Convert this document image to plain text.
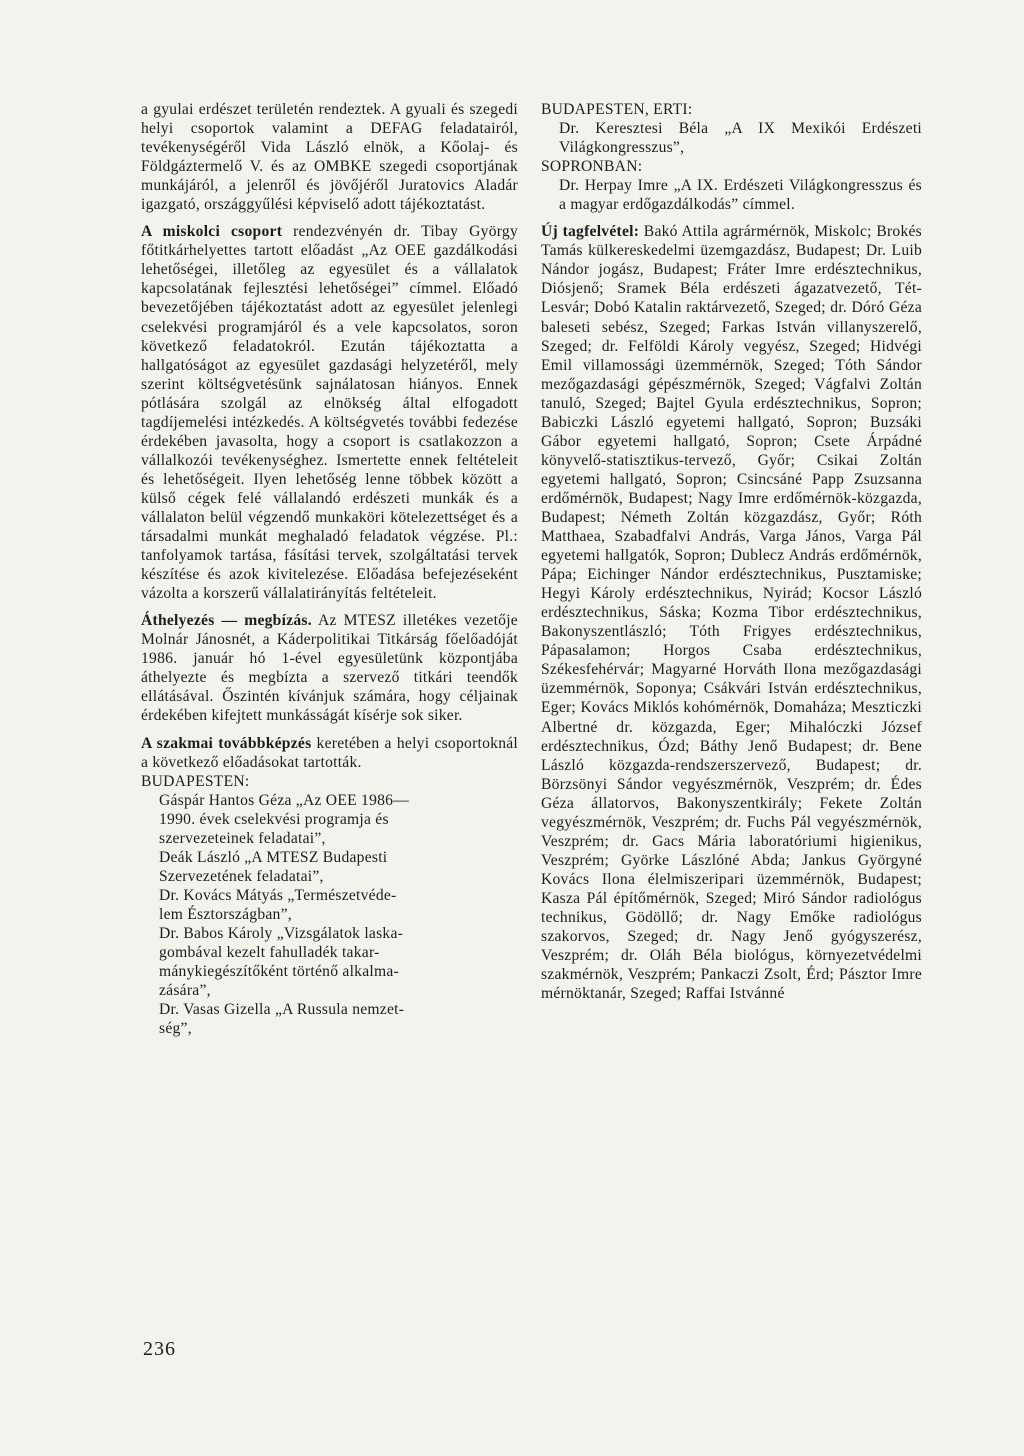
a gyulai erdészet területén rendeztek. A gyuali és szegedi helyi csoportok valamint a DEFAG feladatairól, tevékenységéről Vida László elnök, a Kőolaj- és Földgáztermelő V. és az OMBKE szegedi csoportjának munkájáról, a jelenről és jövőjéről Juratovics Aladár igazgató, országgyűlési képviselő adott tájékoztatást.

A miskolci csoport rendezvényén dr. Tibay György főtitkárhelyettes tartott előadást „Az OEE gazdálkodási lehetőségei, illetőleg az egyesület és a vállalatok kapcsolatának fejlesztési lehetőségei” címmel. Előadó bevezetőjében tájékoztatást adott az egyesület jelenlegi cselekvési programjáról és a vele kapcsolatos, soron következő feladatokról. Ezután tájékoztatta a hallgatóságot az egyesület gazdasági helyzetéről, mely szerint költségvetésünk sajnálatosan hiányos. Ennek pótlására szolgál az elnökség által elfogadott tagdíjemelési intézkedés. A költségvetés további fedezése érdekében javasolta, hogy a csoport is csatlakozzon a vállalkozói tevékenységhez. Ismertette ennek feltételeit és lehetőségeit. Ilyen lehetőség lenne többek között a külső cégek felé vállalandó erdészeti munkák és a vállalaton belül végzendő munkaköri kötelezettséget és a társadalmi munkát meghaladó feladatok végzése. Pl.: tanfolyamok tartása, fásítási tervek, szolgáltatási tervek készítése és azok kivitelezése. Előadása befejezéseként vázolta a korszerű vállalatirányítás feltételeit.

Áthelyezés — megbízás. Az MTESZ illetékes vezetője Molnár Jánosnét, a Káderpolitikai Titkárság főelőadóját 1986. január hó 1-ével egyesületünk központjába áthelyezte és megbízta a szervező titkári teendők ellátásával. Őszintén kívánjuk számára, hogy céljainak érdekében kifejtett munkásságát kísérje sok siker.

A szakmai továbbképzés keretében a helyi csoportoknál a következő előadásokat tartották.

BUDAPESTEN:

Gáspár Hantos Géza „Az OEE 1986—

1990. évek cselekvési programja és

szervezeteinek feladatai”,

Deák László „A MTESZ Budapesti

Szervezetének feladatai”,

Dr. Kovács Mátyás „Természetvéde-

lem Észtországban”,

Dr. Babos Károly „Vizsgálatok laska-

gombával kezelt fahulladék takar-

mánykiegészítőként történő alkalma-

zására”,

Dr. Vasas Gizella „A Russula nemzet-

ség”,

BUDAPESTEN, ERTI:

Dr. Keresztesi Béla „A IX Mexikói Erdészeti Világkongresszus”,

SOPRONBAN:

Dr. Herpay Imre „A IX. Erdészeti Világkongresszus és a magyar erdőgazdálkodás” címmel.

Új tagfelvétel: Bakó Attila agrármérnök, Miskolc; Brokés Tamás külkereskedelmi üzemgazdász, Budapest; Dr. Luib Nándor jogász, Budapest; Fráter Imre erdésztechnikus, Diósjenő; Sramek Béla erdészeti ágazatvezető, Tét-Lesvár; Dobó Katalin raktárvezető, Szeged; dr. Dóró Géza baleseti sebész, Szeged; Farkas István villanyszerelő, Szeged; dr. Felföldi Károly vegyész, Szeged; Hidvégi Emil villamossági üzemmérnök, Szeged; Tóth Sándor mezőgazdasági gépészmérnök, Szeged; Vágfalvi Zoltán tanuló, Szeged; Bajtel Gyula erdésztechnikus, Sopron; Babiczki László egyetemi hallgató, Sopron; Buzsáki Gábor egyetemi hallgató, Sopron; Csete Árpádné könyvelő-statisztikus-tervező, Győr; Csikai Zoltán egyetemi hallgató, Sopron; Csincsáné Papp Zsuzsanna erdőmérnök, Budapest; Nagy Imre erdőmérnök-közgazda, Budapest; Németh Zoltán közgazdász, Győr; Róth Matthaea, Szabadfalvi András, Varga János, Varga Pál egyetemi hallgatók, Sopron; Dublecz András erdőmérnök, Pápa; Eichinger Nándor erdésztechnikus, Pusztamiske; Hegyi Károly erdésztechnikus, Nyirád; Kocsor László erdésztechnikus, Sáska; Kozma Tibor erdésztechnikus, Bakonyszentlászló; Tóth Frigyes erdésztechnikus, Pápasalamon; Horgos Csaba erdésztechnikus, Székesfehérvár; Magyarné Horváth Ilona mezőgazdasági üzemmérnök, Soponya; Csákvári István erdésztechnikus, Eger; Kovács Miklós kohómérnök, Domaháza; Meszticzki Albertné dr. közgazda, Eger; Mihalóczki József erdésztechnikus, Ózd; Báthy Jenő Budapest; dr. Bene László közgazda-rendszerszervező, Budapest; dr. Börzsönyi Sándor vegyészmérnök, Veszprém; dr. Édes Géza állatorvos, Bakonyszentkirály; Fekete Zoltán vegyészmérnök, Veszprém; dr. Fuchs Pál vegyészmérnök, Veszprém; dr. Gacs Mária laboratóriumi higienikus, Veszprém; Györke Lászlóné Abda; Jankus Györgyné Kovács Ilona élelmiszeripari üzemmérnök, Budapest; Kasza Pál építőmérnök, Szeged; Miró Sándor radiológus technikus, Gödöllő; dr. Nagy Emőke radiológus szakorvos, Szeged; dr. Nagy Jenő gyógyszerész, Veszprém; dr. Oláh Béla biológus, környezetvédelmi szakmérnök, Veszprém; Pankaczi Zsolt, Érd; Pásztor Imre mérnöktanár, Szeged; Raffai Istvánné

236
